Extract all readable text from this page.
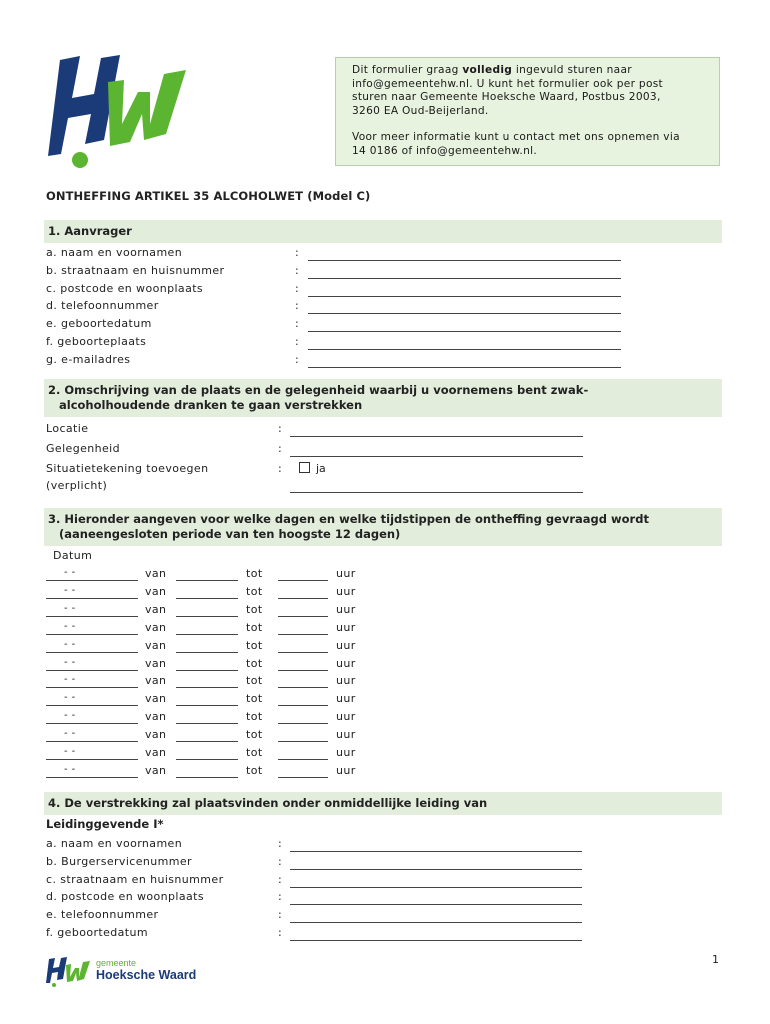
Dit formulier graag volledig ingevuld sturen naar
info@gemeentehw.nl. U kunt het formulier ook per post
sturen naar Gemeente Hoeksche Waard, Postbus 2003,
3260 EA Oud-Beijerland.

Voor meer informatie kunt u contact met ons opnemen via
14 0186 of info@gemeentehw.nl.

ONTHEFFING ARTIKEL 35 ALCOHOLWET (Model C)
1. Aanvrager
a. naam en voornamen	:
b. straatnaam en huisnummer	:
c. postcode en woonplaats	:
d. telefoonnummer	:
e. geboortedatum	:
f. geboorteplaats	:
g. e-mailadres	:
2. Omschrijving van de plaats en de gelegenheid waarbij u voornemens bent zwak-
alcoholhoudende dranken te gaan verstrekken
Locatie	:
Gelegenheid	:
Situatietekening toevoegen
(verplicht)
:	ja
3. Hieronder aangeven voor welke dagen en welke tijdstippen de ontheffing gevraagd wordt
(aaneengesloten periode van ten hoogste 12 dagen)
Datum
- -	van	tot	uur
- -	van	tot	uur
- -	van	tot	uur
- -	van	tot	uur
- -	van	tot	uur
- -	van	tot	uur
- -	van	tot	uur
- -	van	tot	uur
- -	van	tot	uur
- -	van	tot	uur
- -	van	tot	uur
- -	van	tot	uur
4. De verstrekking zal plaatsvinden onder onmiddellijke leiding van
Leidinggevende I*
a. naam en voornamen	:
b. Burgerservicenummer	:
c. straatnaam en huisnummer	:
d. postcode en woonplaats	:
e. telefoonnummer	:
f. geboortedatum	:
gemeente
Hoeksche Waard
1
